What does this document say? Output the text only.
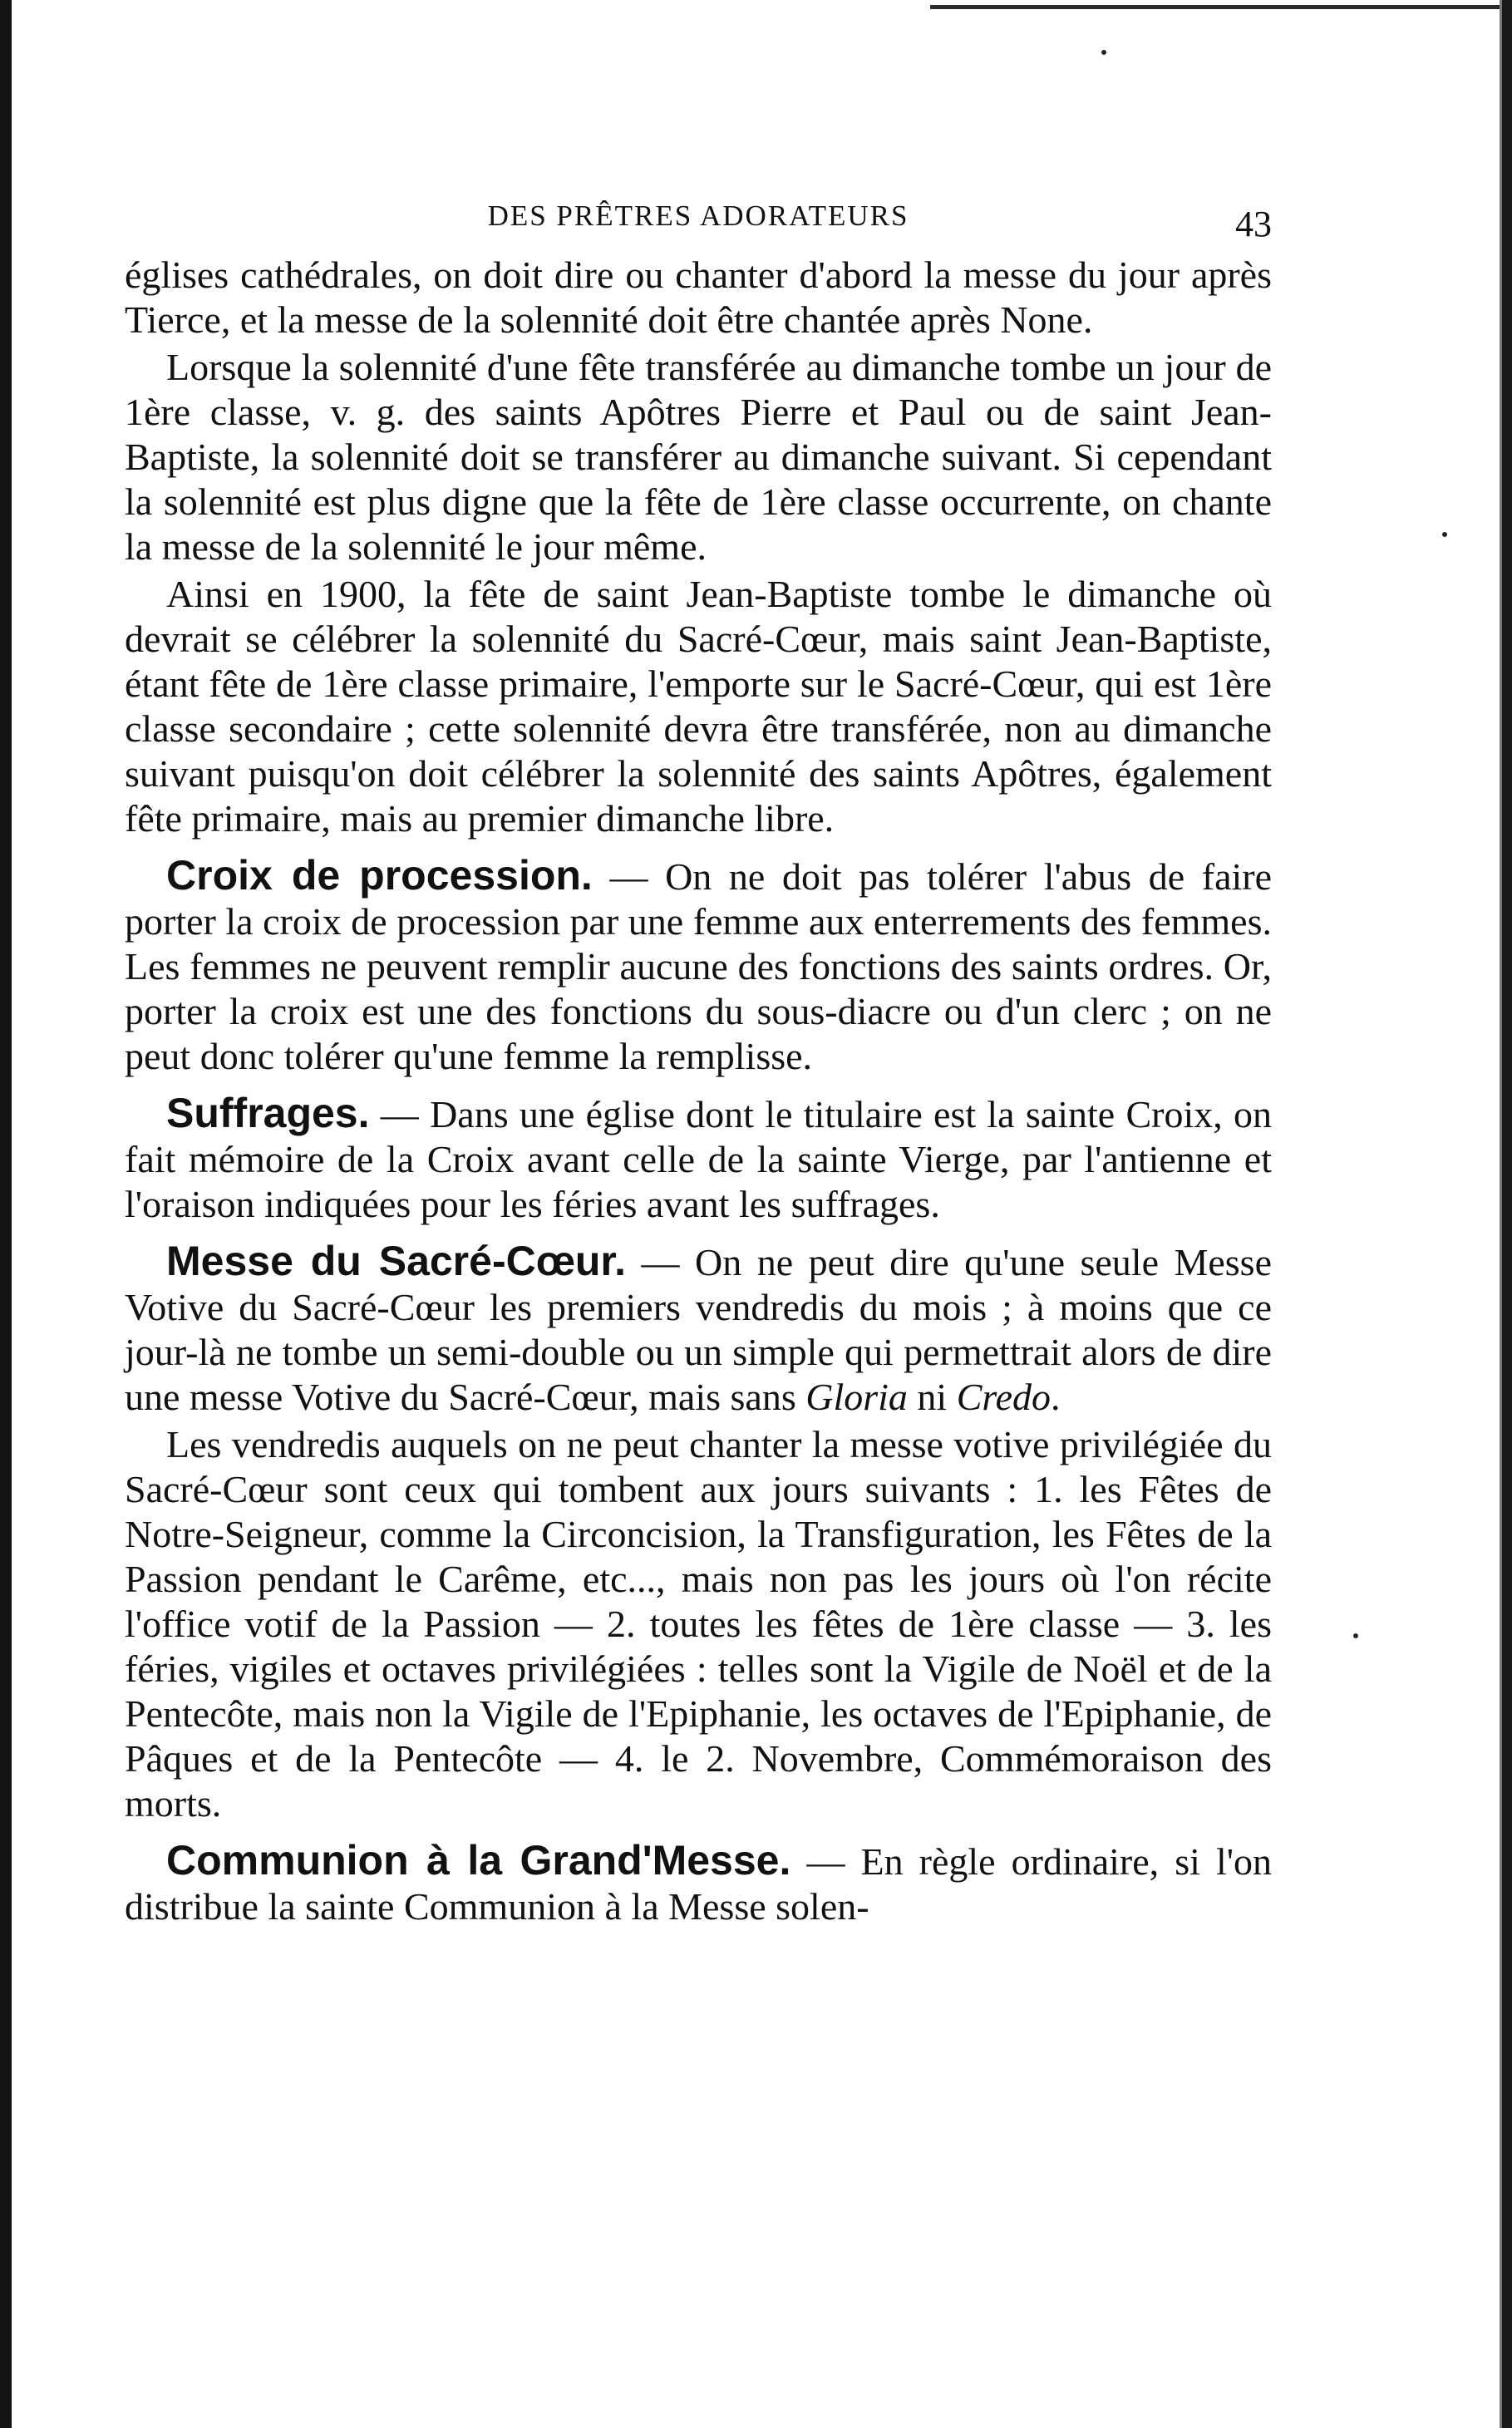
DES PRÊTRES ADORATEURS	43

églises cathédrales, on doit dire ou chanter d'abord la messe du jour après Tierce, et la messe de la solennité doit être chantée après None.

Lorsque la solennité d'une fête transférée au dimanche tombe un jour de 1ère classe, v. g. des saints Apôtres Pierre et Paul ou de saint Jean-Baptiste, la solennité doit se transférer au dimanche suivant. Si cependant la solennité est plus digne que la fête de 1ère classe occurrente, on chante la messe de la solennité le jour même.

Ainsi en 1900, la fête de saint Jean-Baptiste tombe le dimanche où devrait se célébrer la solennité du Sacré-Cœur, mais saint Jean-Baptiste, étant fête de 1ère classe primaire, l'emporte sur le Sacré-Cœur, qui est 1ère classe secondaire ; cette solennité devra être transférée, non au dimanche suivant puisqu'on doit célébrer la solennité des saints Apôtres, également fête primaire, mais au premier dimanche libre.

Croix de procession. — On ne doit pas tolérer l'abus de faire porter la croix de procession par une femme aux enterrements des femmes. Les femmes ne peuvent remplir aucune des fonctions des saints ordres. Or, porter la croix est une des fonctions du sous-diacre ou d'un clerc ; on ne peut donc tolérer qu'une femme la remplisse.

Suffrages. — Dans une église dont le titulaire est la sainte Croix, on fait mémoire de la Croix avant celle de la sainte Vierge, par l'antienne et l'oraison indiquées pour les féries avant les suffrages.

Messe du Sacré-Cœur. — On ne peut dire qu'une seule Messe Votive du Sacré-Cœur les premiers vendredis du mois ; à moins que ce jour-là ne tombe un semi-double ou un simple qui permettrait alors de dire une messe Votive du Sacré-Cœur, mais sans Gloria ni Credo.

Les vendredis auquels on ne peut chanter la messe votive privilégiée du Sacré-Cœur sont ceux qui tombent aux jours suivants : 1. les Fêtes de Notre-Seigneur, comme la Circoncision, la Transfiguration, les Fêtes de la Passion pendant le Carême, etc..., mais non pas les jours où l'on récite l'office votif de la Passion — 2. toutes les fêtes de 1ère classe — 3. les féries, vigiles et octaves privilégiées : telles sont la Vigile de Noël et de la Pentecôte, mais non la Vigile de l'Epiphanie, les octaves de l'Epiphanie, de Pâques et de la Pentecôte — 4. le 2. Novembre, Commémoraison des morts.

Communion à la Grand'Messe. — En règle ordinaire, si l'on distribue la sainte Communion à la Messe solen-
